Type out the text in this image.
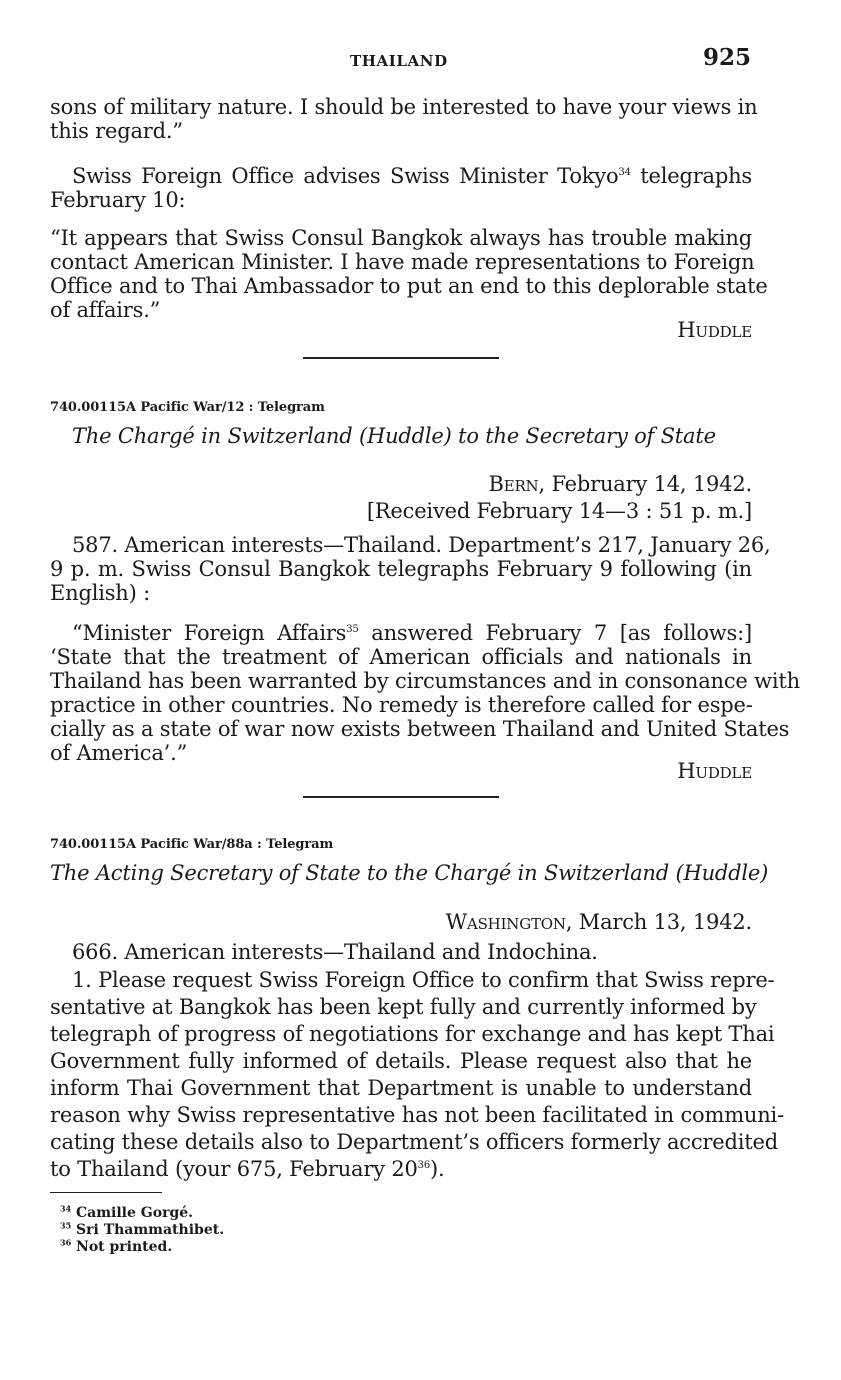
THAILAND	925
sons of military nature. I should be interested to have your views in
this regard.”
Swiss Foreign Office advises Swiss Minister Tokyo$^{34}$ telegraphs
February 10:
“It appears that Swiss Consul Bangkok always has trouble making
contact American Minister. I have made representations to Foreign
Office and to Thai Ambassador to put an end to this deplorable state
of affairs.”
Huddle
740.00115A Pacific War/12 : Telegram
The Chargé in Switzerland (Huddle) to the Secretary of State
Bern, February 14, 1942.
[Received February 14—3 : 51 p. m.]
587. American interests—Thailand. Department’s 217, January 26,
9 p. m. Swiss Consul Bangkok telegraphs February 9 following (in
English) :
“Minister Foreign Affairs$^{35}$ answered February 7 [as follows:]
‘State that the treatment of American officials and nationals in
Thailand has been warranted by circumstances and in consonance with
practice in other countries. No remedy is therefore called for espe-
cially as a state of war now exists between Thailand and United States
of America’.”
Huddle
740.00115A Pacific War/88a : Telegram
The Acting Secretary of State to the Chargé in Switzerland (Huddle)
Washington, March 13, 1942.
666. American interests—Thailand and Indochina.
1. Please request Swiss Foreign Office to confirm that Swiss repre-
sentative at Bangkok has been kept fully and currently informed by
telegraph of progress of negotiations for exchange and has kept Thai
Government fully informed of details. Please request also that he
inform Thai Government that Department is unable to understand
reason why Swiss representative has not been facilitated in communi-
cating these details also to Department’s officers formerly accredited
to Thailand (your 675, February $20^{36}$).
$^{34}$ Camille Gorgé.
$^{35}$ Sri Thammathibet.
$^{36}$ Not printed.
